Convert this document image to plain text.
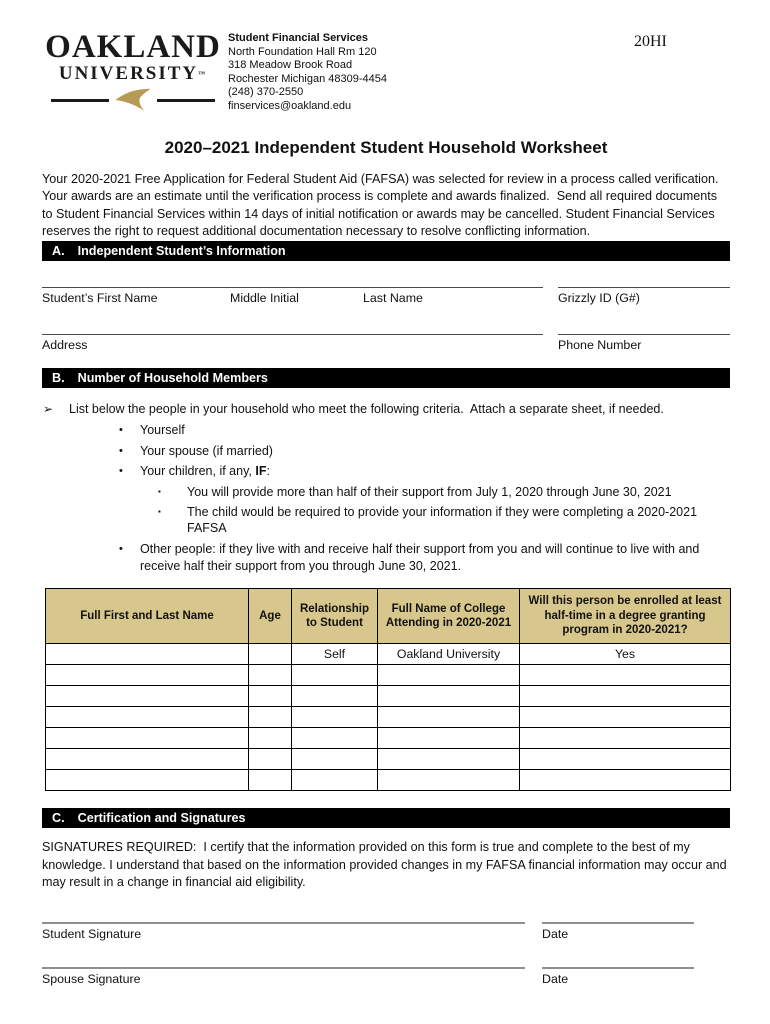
OAKLAND
UNIVERSITY™
Student Financial Services
North Foundation Hall Rm 120
318 Meadow Brook Road
Rochester Michigan 48309-4454
(248) 370-2550
finservices@oakland.edu
20HI
2020–2021 Independent Student Household Worksheet
Your 2020-2021 Free Application for Federal Student Aid (FAFSA) was selected for review in a process called verification. Your awards are an estimate until the verification process is complete and awards finalized.  Send all required documents to Student Financial Services within 14 days of initial notification or awards may be cancelled. Student Financial Services reserves the right to request additional documentation necessary to resolve conflicting information.
A. Independent Student’s Information
Student’s First Name	Middle Initial	Last Name	Grizzly ID (G#)
Address	Phone Number
B. Number of Household Members
➢	List below the people in your household who meet the following criteria.  Attach a separate sheet, if needed.
•	Yourself
•	Your spouse (if married)
•	Your children, if any, IF:
▪	You will provide more than half of their support from July 1, 2020 through June 30, 2021
▪	The child would be required to provide your information if they were completing a 2020-2021 FAFSA
•	Other people: if they live with and receive half their support from you and will continue to live with and receive half their support from you through June 30, 2021.
Full First and Last Name	Age	Relationship to Student	Full Name of College Attending in 2020-2021	Will this person be enrolled at least half-time in a degree granting program in 2020-2021?
		Self	Oakland University	Yes

C. Certification and Signatures
SIGNATURES REQUIRED:  I certify that the information provided on this form is true and complete to the best of my knowledge. I understand that based on the information provided changes in my FAFSA financial information may occur and may result in a change in financial aid eligibility.
Student Signature	Date
Spouse Signature	Date
